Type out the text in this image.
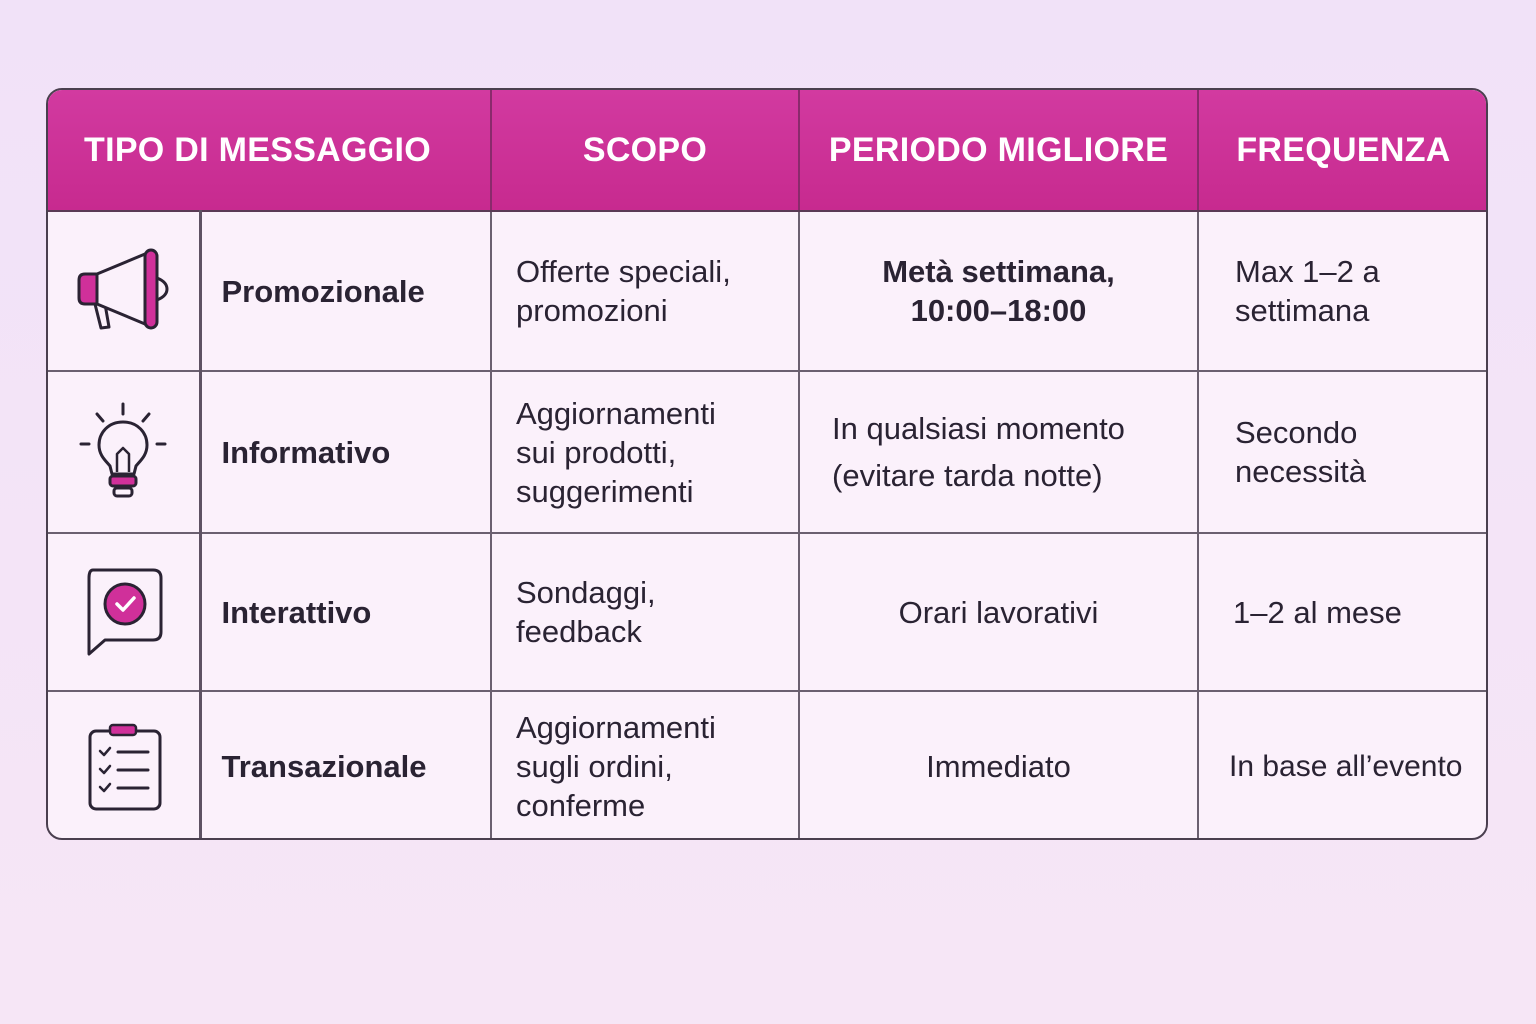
TIPO DI MESSAGGIO		SCOPO	PERIODO MIGLIORE	FREQUENZA
	Promozionale	Offerte speciali,
promozioni	Metà settimana,
10:00–18:00	Max 1–2 a
settimana

	Informativo	Aggiornamenti
sui prodotti,
suggerimenti	In qualsiasi momento
(evitare tarda notte)	Secondo
necessità

	Interattivo	Sondaggi,
feedback	Orari lavorativi	1–2 al mese

	Transazionale	Aggiornamenti
sugli ordini,
conferme	Immediato	In base all’evento
